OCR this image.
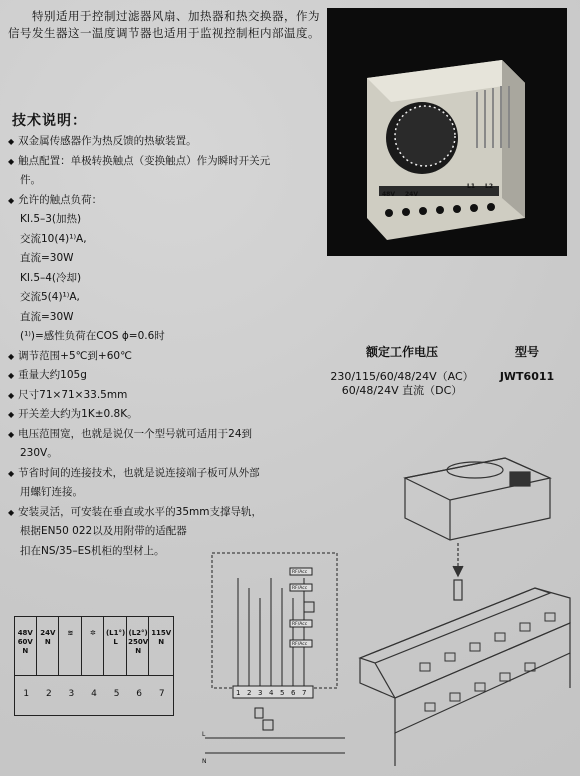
特别适用于控制过滤器风扇、加热器和热交换器，作为信号发生器这一温度调节器也适用于监视控制柜内部温度。
技术说明：
◆ 双金属传感器作为热反馈的热敏装置。
◆ 触点配置：单极转换触点（变换触点）作为瞬时开关元
件。
◆ 允许的触点负荷：
KI.5–3(加热)
交流10(4)¹⁾A,
直流=30W
KI.5–4(冷却)
交流5(4)¹⁾A,
直流=30W
(¹⁾)=感性负荷在COS ϕ=0.6时
◆ 调节范围+5℃到+60℃
◆ 重量大约105g
◆ 尺寸71×71×33.5mm
◆ 开关差大约为1K±0.8K。
◆ 电压范围宽，也就是说仅一个型号就可适用于24到
230V。
◆ 节省时间的连接技术，也就是说连接端子板可从外部
用螺钉连接。
◆ 安装灵活，可安装在垂直或水平的35mm支撑导轨，
根据EN50 022以及用附带的适配器
扣在NS/35–ES机柜的型材上。
48V 24V
L1 L2
额定工作电压	型号
230/115/60/48/24V（AC）
60/48/24V 直流（DC）
JWT6011
48V
60V
N
1
24V
N
2
≋
3
✲
4
(L1°)
L
5
(L2°)
250V
N
6
115V
N
7
RF/Acc
RF/Acc
RF/Acc
RF/Acc
1 2 3 4 5 6 7
L
N
